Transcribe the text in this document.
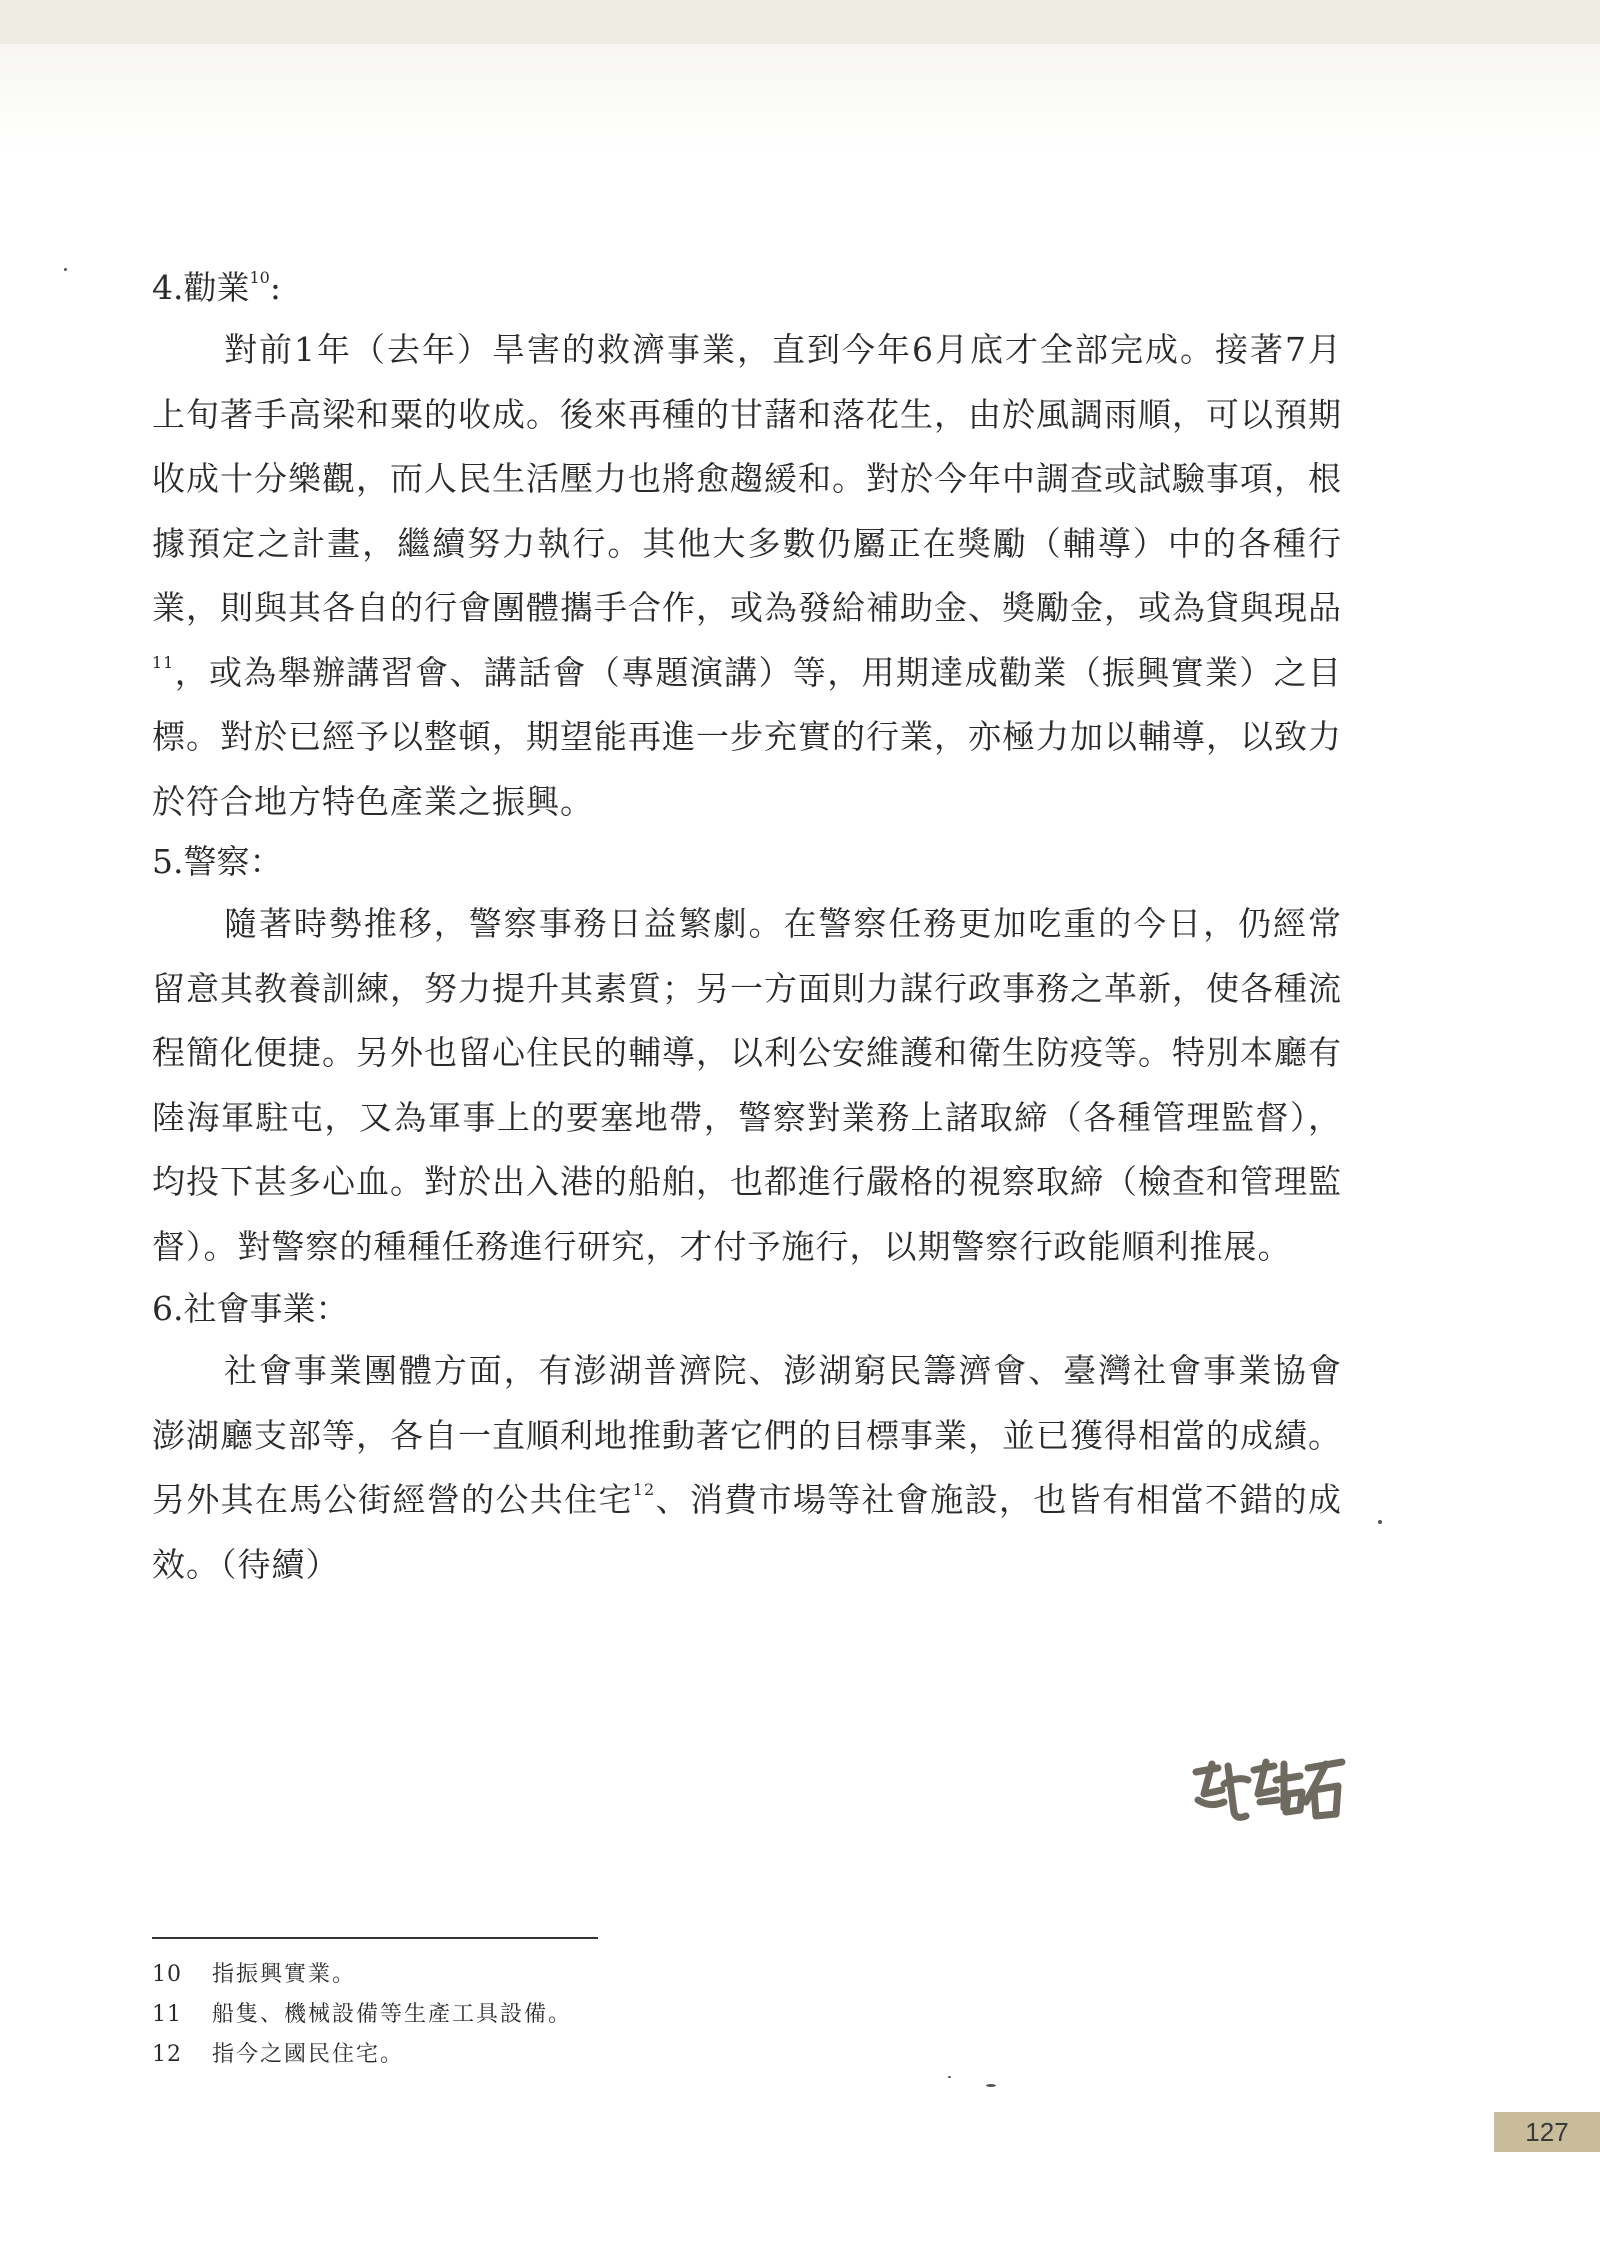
4.勸業$^{10}$:

對前1年（去年）旱害的救濟事業，直到今年6月底才全部完成。接著7月上旬著手高梁和粟的收成。後來再種的甘藷和落花生，由於風調雨順，可以預期收成十分樂觀，而人民生活壓力也將愈趨緩和。對於今年中調查或試驗事項，根據預定之計畫，繼續努力執行。其他大多數仍屬正在獎勵（輔導）中的各種行業，則與其各自的行會團體攜手合作，或為發給補助金、獎勵金，或為貸與現品$^{11}$，或為舉辦講習會、講話會（專題演講）等，用期達成勸業（振興實業）之目標。對於已經予以整頓，期望能再進一步充實的行業，亦極力加以輔導，以致力於符合地方特色產業之振興。

5.警察：

隨著時勢推移，警察事務日益繁劇。在警察任務更加吃重的今日，仍經常留意其教養訓練，努力提升其素質；另一方面則力謀行政事務之革新，使各種流程簡化便捷。另外也留心住民的輔導，以利公安維護和衛生防疫等。特別本廳有陸海軍駐屯，又為軍事上的要塞地帶，警察對業務上諸取締（各種管理監督），均投下甚多心血。對於出入港的船舶，也都進行嚴格的視察取締（檢查和管理監督）。對警察的種種任務進行研究，才付予施行，以期警察行政能順利推展。

6.社會事業：

社會事業團體方面，有澎湖普濟院、澎湖窮民籌濟會、臺灣社會事業協會澎湖廳支部等，各自一直順利地推動著它們的目標事業，並已獲得相當的成績。另外其在馬公街經營的公共住宅$^{12}$、消費市場等社會施設，也皆有相當不錯的成效。（待續）

10 指振興實業。
11 船隻、機械設備等生產工具設備。
12 指今之國民住宅。
127
